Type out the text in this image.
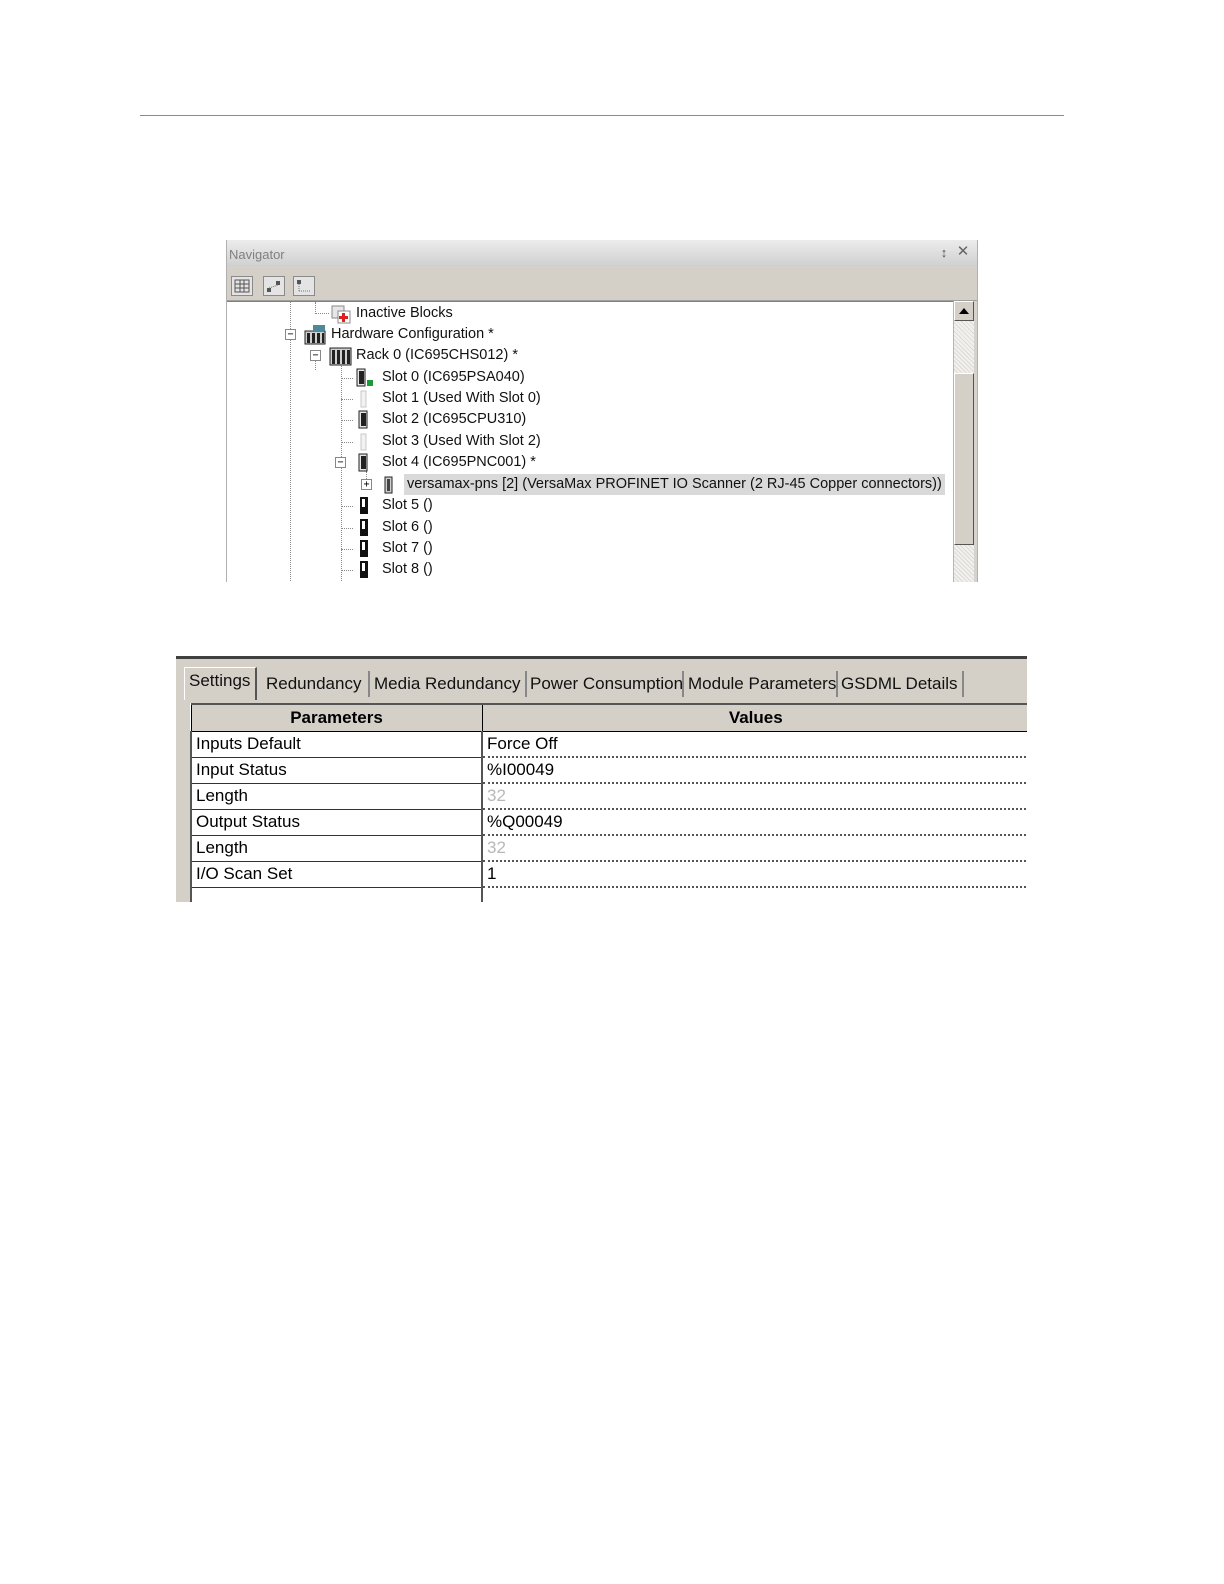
Navigator	↕ ✕
Inactive Blocks
−	Hardware Configuration *
−	Rack 0 (IC695CHS012) *
Slot 0 (IC695PSA040)
Slot 1 (Used With Slot 0)
Slot 2 (IC695CPU310)
Slot 3 (Used With Slot 2)
−	Slot 4 (IC695PNC001) *
+	versamax-pns [2] (VersaMax PROFINET IO Scanner (2 RJ-45 Copper connectors))
Slot 5 ()
Slot 6 ()
Slot 7 ()
Slot 8 ()
Settings Redundancy Media Redundancy Power Consumption Module Parameters GSDML Details
Parameters	Values
Inputs Default	Force Off
Input Status	%I00049
Length	32
Output Status	%Q00049
Length	32
I/O Scan Set	1
